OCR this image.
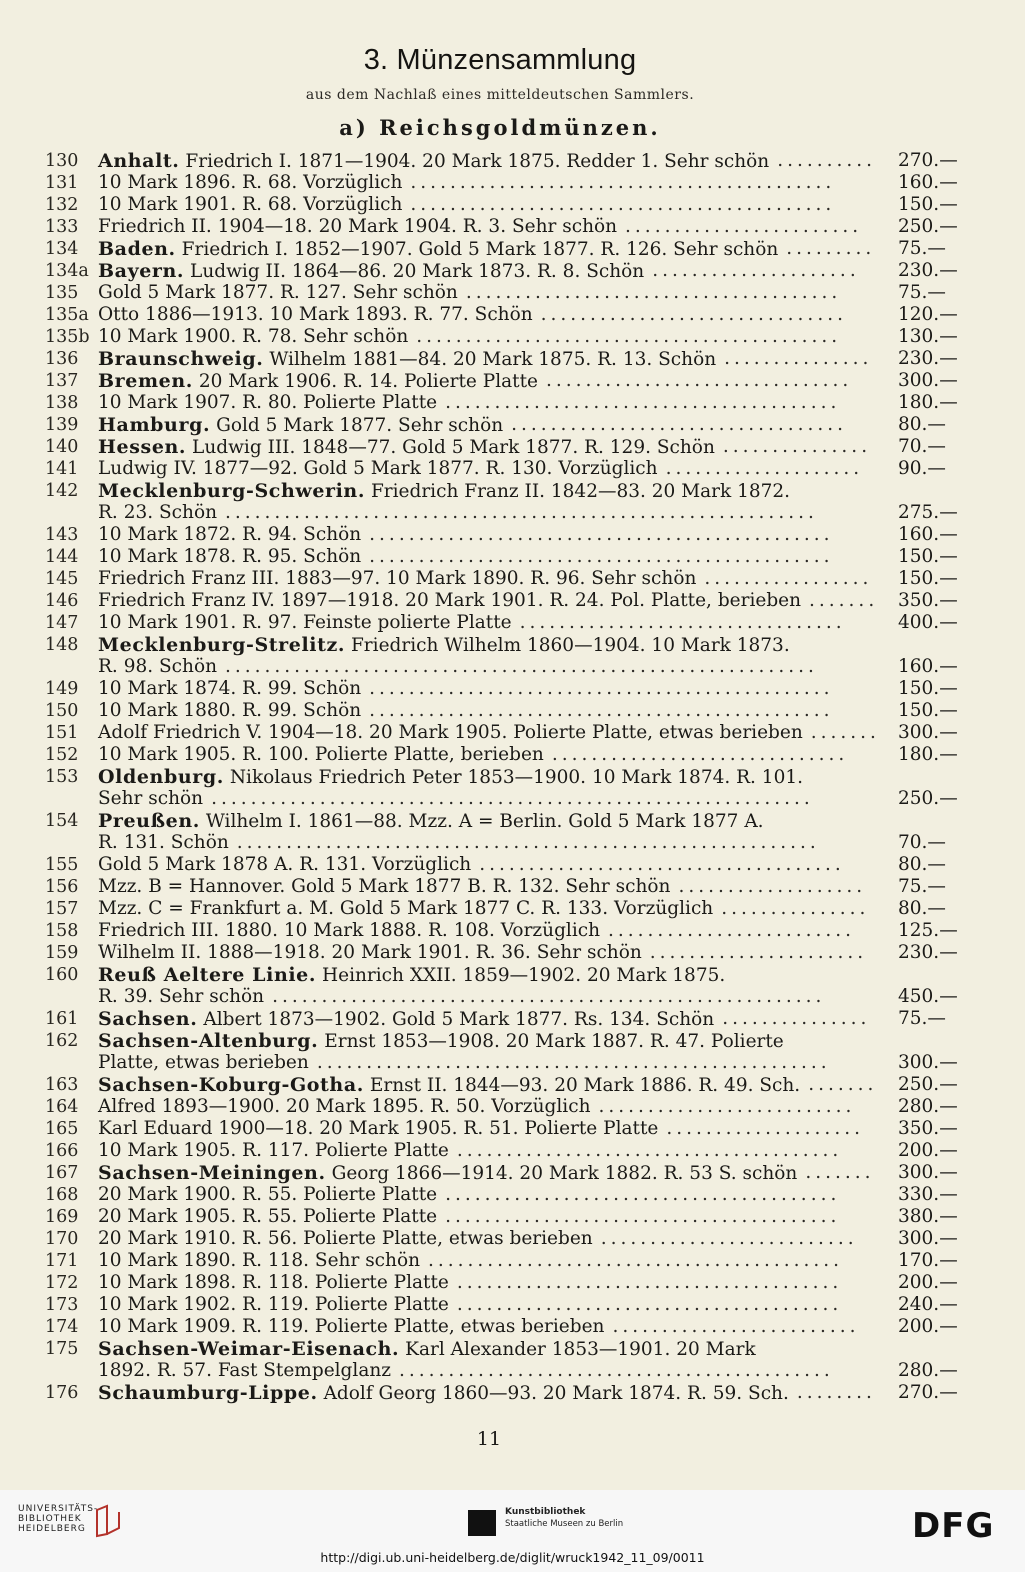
3. Münzensammlung
aus dem Nachlaß eines mitteldeutschen Sammlers.
a) Reichsgoldmünzen.
130	Anhalt. Friedrich I. 1871—1904. 20 Mark 1875. Redder 1. Sehr schön .......... 270.—
131	10 Mark 1896. R. 68. Vorzüglich ...........................................	160.—
132	10 Mark 1901. R. 68. Vorzüglich ...........................................	150.—
133	Friedrich II. 1904—18. 20 Mark 1904. R. 3. Sehr schön ........................ 250.—
134	Baden. Friedrich I. 1852—1907. Gold 5 Mark 1877. R. 126. Sehr schön ......... 75.—
134a Bayern. Ludwig II. 1864—86. 20 Mark 1873. R. 8. Schön ..................... 230.—
135	Gold 5 Mark 1877. R. 127. Sehr schön ......................................	75.—
135a Otto 1886—1913. 10 Mark 1893. R. 77. Schön ...............................	120.—
135b 10 Mark 1900. R. 78. Sehr schön ...........................................	130.—
136	Braunschweig. Wilhelm 1881—84. 20 Mark 1875. R. 13. Schön ............... 230.—
137	Bremen. 20 Mark 1906. R. 14. Polierte Platte ............................... 300.—
138	10 Mark 1907. R. 80. Polierte Platte ........................................	180.—
139	Hamburg. Gold 5 Mark 1877. Sehr schön ..................................	80.—
140	Hessen. Ludwig III. 1848—77. Gold 5 Mark 1877. R. 129. Schön ............... 70.—
141	Ludwig IV. 1877—92. Gold 5 Mark 1877. R. 130. Vorzüglich .................... 90.—
142	Mecklenburg-Schwerin. Friedrich Franz II. 1842—83. 20 Mark 1872.
R. 23. Schön ............................................................	275.—
143	10 Mark 1872. R. 94. Schön ...............................................	160.—
144	10 Mark 1878. R. 95. Schön ...............................................	150.—
145	Friedrich Franz III. 1883—97. 10 Mark 1890. R. 96. Sehr schön ................. 150.—
146	Friedrich Franz IV. 1897—1918. 20 Mark 1901. R. 24. Pol. Platte, berieben ....... 350.—
147	10 Mark 1901. R. 97. Feinste polierte Platte .................................	400.—
148	Mecklenburg-Strelitz. Friedrich Wilhelm 1860—1904. 10 Mark 1873.
R. 98. Schön ............................................................	160.—
149	10 Mark 1874. R. 99. Schön ...............................................	150.—
150	10 Mark 1880. R. 99. Schön ...............................................	150.—
151	Adolf Friedrich V. 1904—18. 20 Mark 1905. Polierte Platte, etwas berieben ....... 300.—
152	10 Mark 1905. R. 100. Polierte Platte, berieben ..............................	180.—
153	Oldenburg. Nikolaus Friedrich Peter 1853—1900. 10 Mark 1874. R. 101.
Sehr schön .............................................................	250.—
154	Preußen. Wilhelm I. 1861—88. Mzz. A = Berlin. Gold 5 Mark 1877 A.
R. 131. Schön ...........................................................	70.—
155	Gold 5 Mark 1878 A. R. 131. Vorzüglich .....................................	80.—
156	Mzz. B = Hannover. Gold 5 Mark 1877 B. R. 132. Sehr schön ................... 75.—
157	Mzz. C = Frankfurt a. M. Gold 5 Mark 1877 C. R. 133. Vorzüglich ............... 80.—
158	Friedrich III. 1880. 10 Mark 1888. R. 108. Vorzüglich ......................... 125.—
159	Wilhelm II. 1888—1918. 20 Mark 1901. R. 36. Sehr schön ...................... 230.—
160	Reuß Aeltere Linie. Heinrich XXII. 1859—1902. 20 Mark 1875.
R. 39. Sehr schön ........................................................	450.—
161	Sachsen. Albert 1873—1902. Gold 5 Mark 1877. Rs. 134. Schön ............... 75.—
162	Sachsen-Altenburg. Ernst 1853—1908. 20 Mark 1887. R. 47. Polierte
Platte, etwas berieben ....................................................	300.—
163	Sachsen-Koburg-Gotha. Ernst II. 1844—93. 20 Mark 1886. R. 49. Sch. ....... 250.—
164	Alfred 1893—1900. 20 Mark 1895. R. 50. Vorzüglich .......................... 280.—
165	Karl Eduard 1900—18. 20 Mark 1905. R. 51. Polierte Platte .................... 350.—
166	10 Mark 1905. R. 117. Polierte Platte .......................................	200.—
167	Sachsen-Meiningen. Georg 1866—1914. 20 Mark 1882. R. 53 S. schön ....... 300.—
168	20 Mark 1900. R. 55. Polierte Platte ........................................	330.—
169	20 Mark 1905. R. 55. Polierte Platte ........................................	380.—
170	20 Mark 1910. R. 56. Polierte Platte, etwas berieben .......................... 300.—
171	10 Mark 1890. R. 118. Sehr schön ..........................................	170.—
172	10 Mark 1898. R. 118. Polierte Platte .......................................	200.—
173	10 Mark 1902. R. 119. Polierte Platte .......................................	240.—
174	10 Mark 1909. R. 119. Polierte Platte, etwas berieben ......................... 200.—
175	Sachsen-Weimar-Eisenach. Karl Alexander 1853—1901. 20 Mark
1892. R. 57. Fast Stempelglanz ............................................	280.—
176	Schaumburg-Lippe. Adolf Georg 1860—93. 20 Mark 1874. R. 59. Sch. ........ 270.—
11
UNIVERSITÄTS-
BIBLIOTHEK
HEIDELBERG
Kunstbibliothek
Staatliche Museen zu Berlin	DFG
http://digi.ub.uni-heidelberg.de/diglit/wruck1942_11_09/0011
